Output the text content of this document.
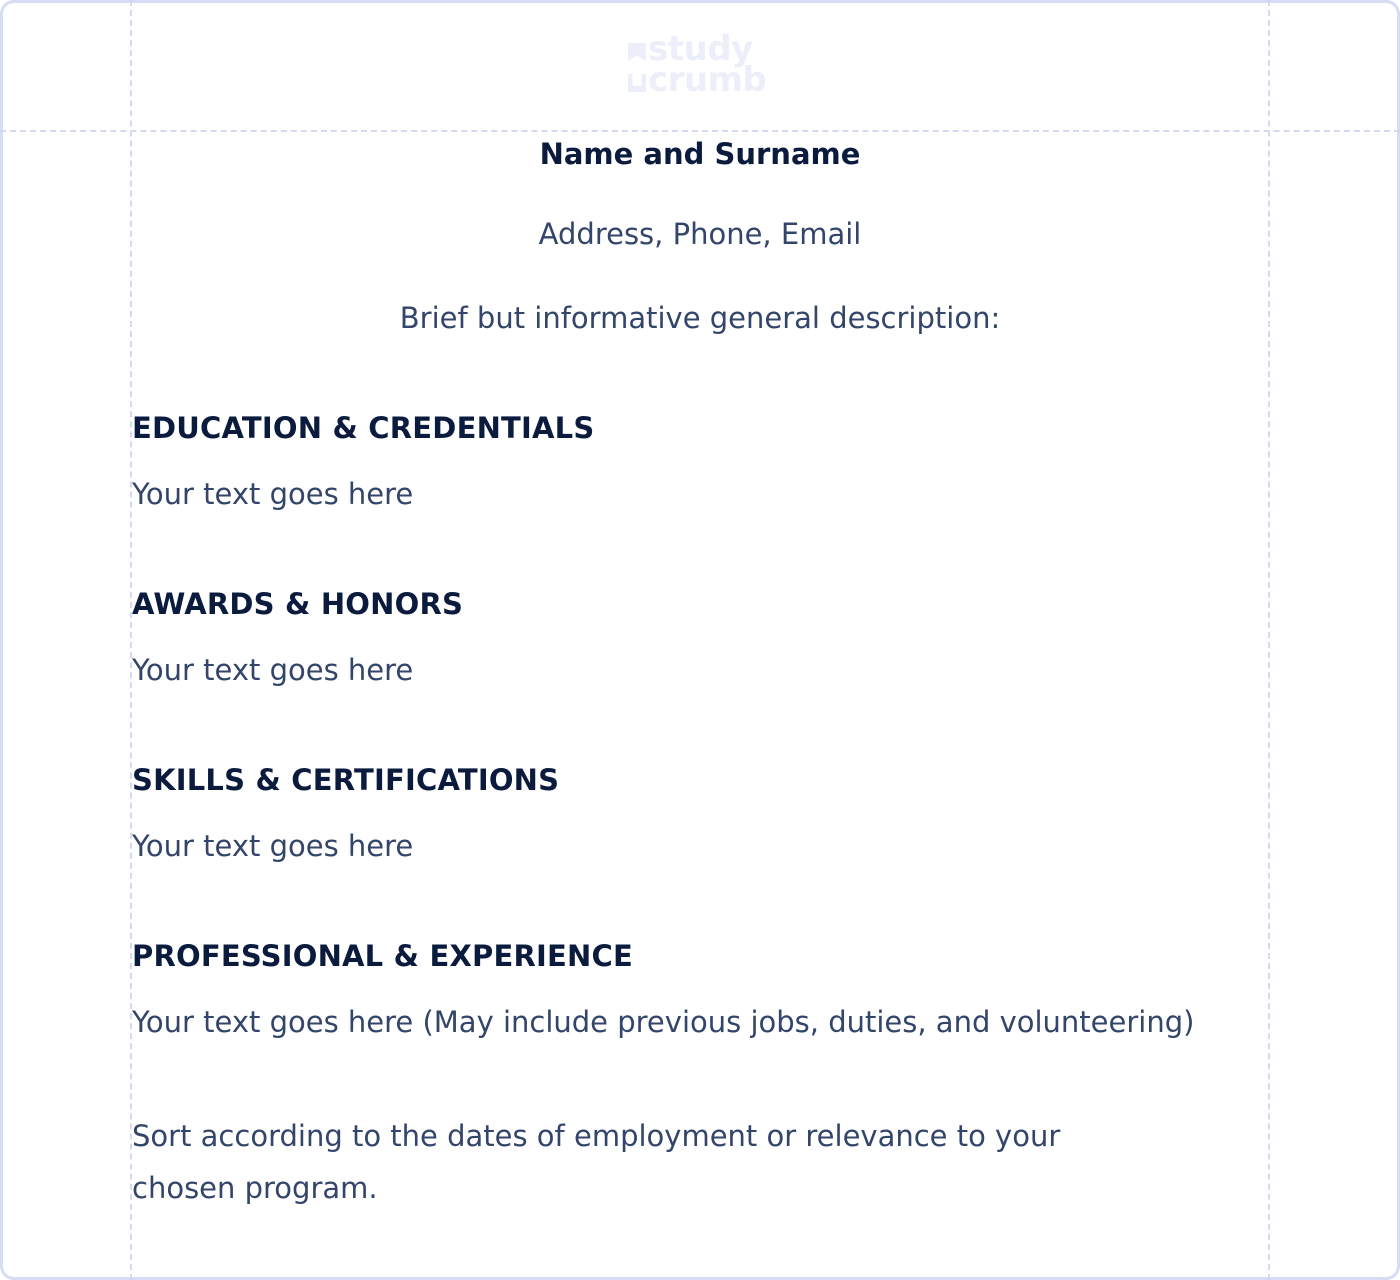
study
crumb
Name and Surname
Address, Phone, Email
Brief but informative general description:
EDUCATION & CREDENTIALS
Your text goes here
AWARDS & HONORS
Your text goes here
SKILLS & CERTIFICATIONS
Your text goes here
PROFESSIONAL & EXPERIENCE
Your text goes here (May include previous jobs, duties, and volunteering)
Sort according to the dates of employment or relevance to your chosen program.
